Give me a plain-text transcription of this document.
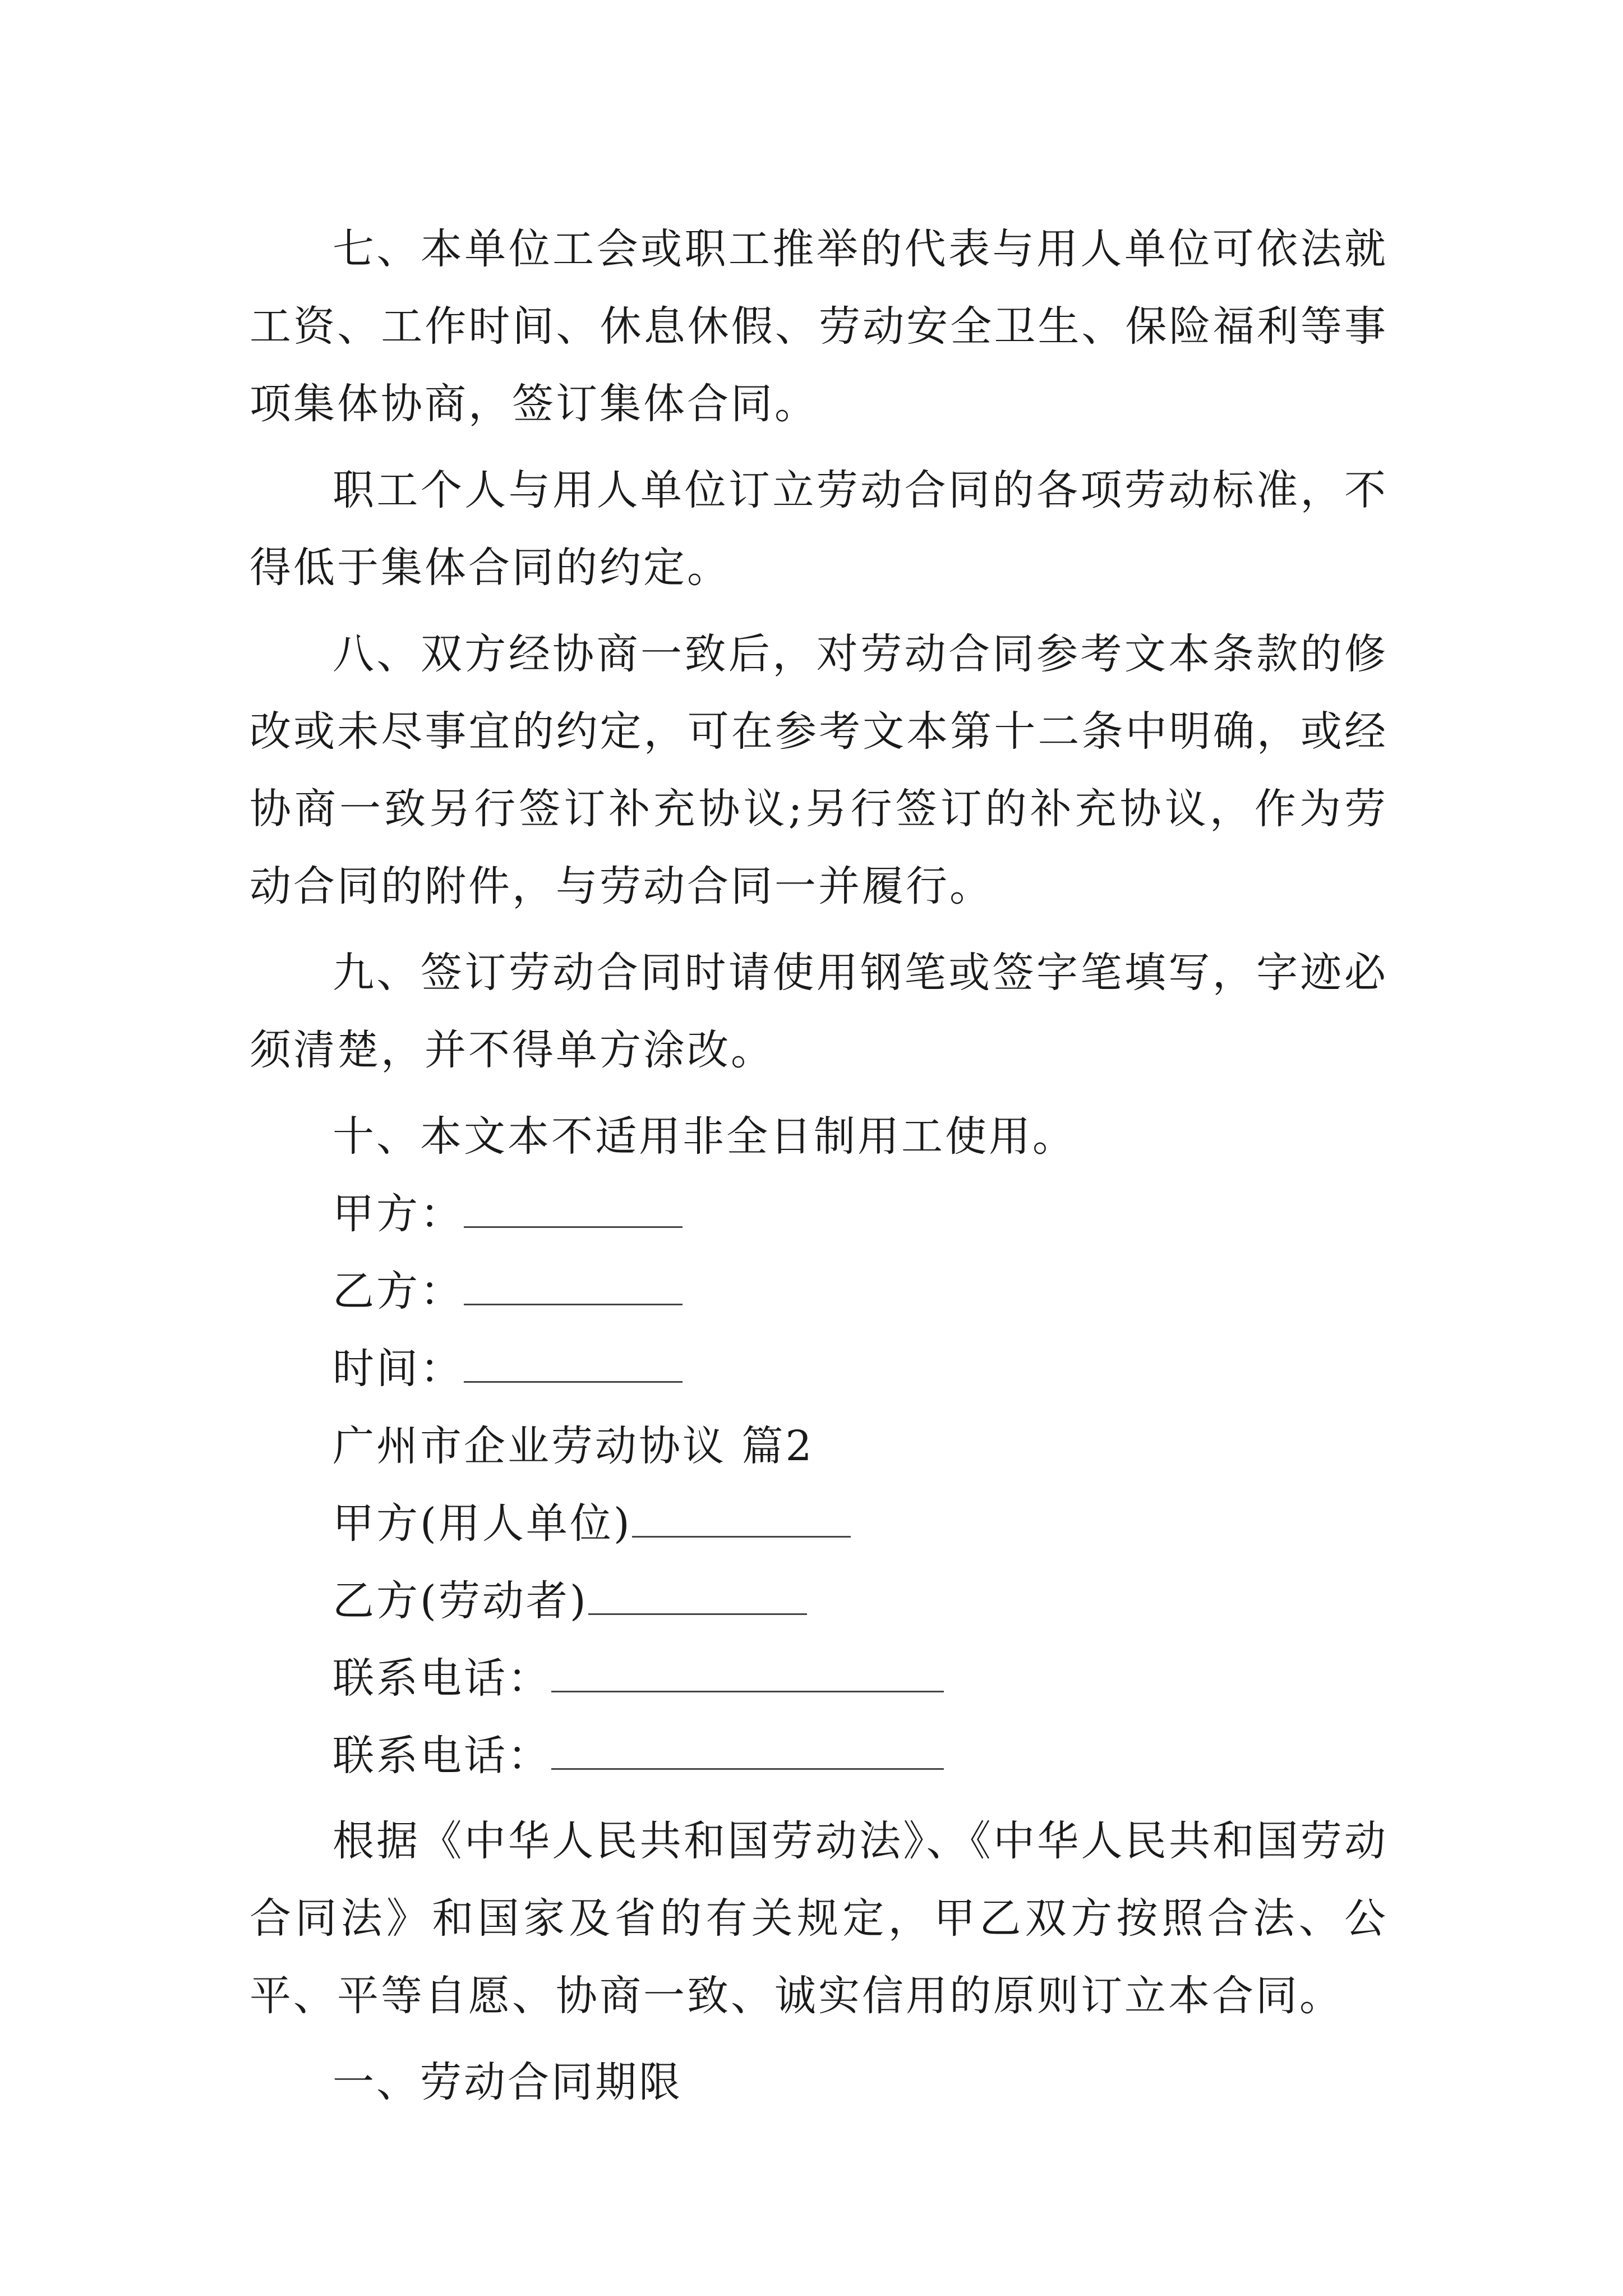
七、本单位工会或职工推举的代表与用人单位可依法就工资、工作时间、休息休假、劳动安全卫生、保险福利等事项集体协商，签订集体合同。

职工个人与用人单位订立劳动合同的各项劳动标准，不得低于集体合同的约定。

八、双方经协商一致后，对劳动合同参考文本条款的修改或未尽事宜的约定，可在参考文本第十二条中明确，或经协商一致另行签订补充协议;另行签订的补充协议，作为劳动合同的附件，与劳动合同一并履行。

九、签订劳动合同时请使用钢笔或签字笔填写，字迹必须清楚，并不得单方涂改。

十、本文本不适用非全日制用工使用。

甲方：

乙方：

时间：

广州市企业劳动协议 篇2

甲方(用人单位)

乙方(劳动者)

联系电话：

联系电话：

根据《中华人民共和国劳动法》、《中华人民共和国劳动合同法》和国家及省的有关规定，甲乙双方按照合法、公平、平等自愿、协商一致、诚实信用的原则订立本合同。

一、劳动合同期限
